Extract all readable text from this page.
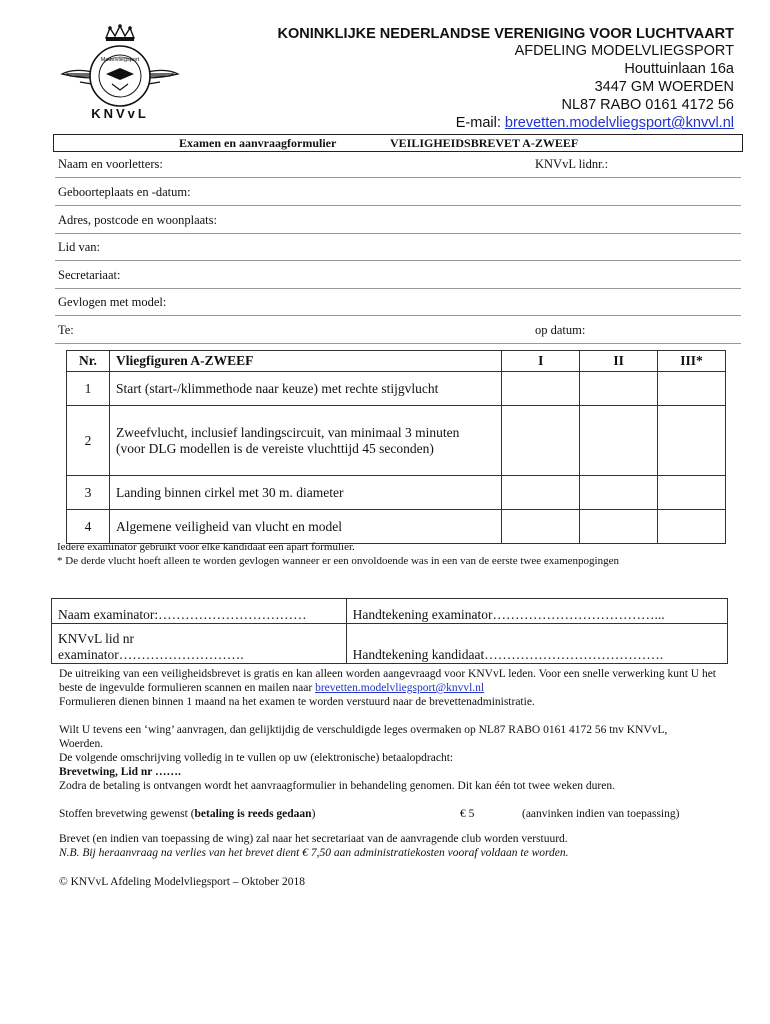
Modelvliegsport
KNVvL
KONINKLIJKE NEDERLANDSE VERENIGING VOOR LUCHTVAART
AFDELING MODELVLIEGSPORT
Houttuinlaan 16a
3447 GM WOERDEN
NL87 RABO 0161 4172 56
E-mail: brevetten.modelvliegsport@knvvl.nl
Examen en aanvraagformulier	VEILIGHEIDSBREVET A-ZWEEF
Naam en voorletters:	KNVvL lidnr.:
Geboorteplaats en -datum:
Adres, postcode en woonplaats:
Lid van:
Secretariaat:
Gevlogen met model:
Te:	op datum:
Nr.	Vliegfiguren A-ZWEEF	I	II	III*
1	Start (start-/klimmethode naar keuze) met rechte stijgvlucht			
2	Zweefvlucht, inclusief landingscircuit, van minimaal 3 minuten
(voor DLG modellen is de vereiste vluchttijd 45 seconden)			

3	Landing binnen cirkel met 30 m. diameter			
4	Algemene veiligheid van vlucht en model			
Iedere examinator gebruikt voor elke kandidaat een apart formulier.
* De derde vlucht hoeft alleen te worden gevlogen wanneer er een onvoldoende was in een van de eerste twee examenpogingen
Naam examinator:……………………………	Handtekening examinator………………………………...

KNVvL lid nr
examinator……………………….	Handtekening kandidaat………………………………….
De uitreiking van een veiligheidsbrevet is gratis en kan alleen worden aangevraagd voor KNVvL leden. Voor een snelle verwerking kunt U het beste de ingevulde formulieren scannen en mailen naar brevetten.modelvliegsport@knvvl.nl
Formulieren dienen binnen 1 maand na het examen te worden verstuurd naar de brevettenadministratie.
Wilt U tevens een ‘wing’ aanvragen, dan gelijktijdig de verschuldigde leges overmaken op NL87 RABO 0161 4172 56 tnv KNVvL, Woerden.
De volgende omschrijving volledig in te vullen op uw (elektronische) betaalopdracht:
Brevetwing, Lid nr …….
Zodra de betaling is ontvangen wordt het aanvraagformulier in behandeling genomen. Dit kan één tot twee weken duren.
Stoffen brevetwing gewenst (betaling is reeds gedaan)	€ 5	(aanvinken indien van toepassing)
Brevet (en indien van toepassing de wing) zal naar het secretariaat van de aanvragende club worden verstuurd.
N.B. Bij heraanvraag na verlies van het brevet dient € 7,50 aan administratiekosten vooraf voldaan te worden.
© KNVvL Afdeling Modelvliegsport – Oktober 2018
